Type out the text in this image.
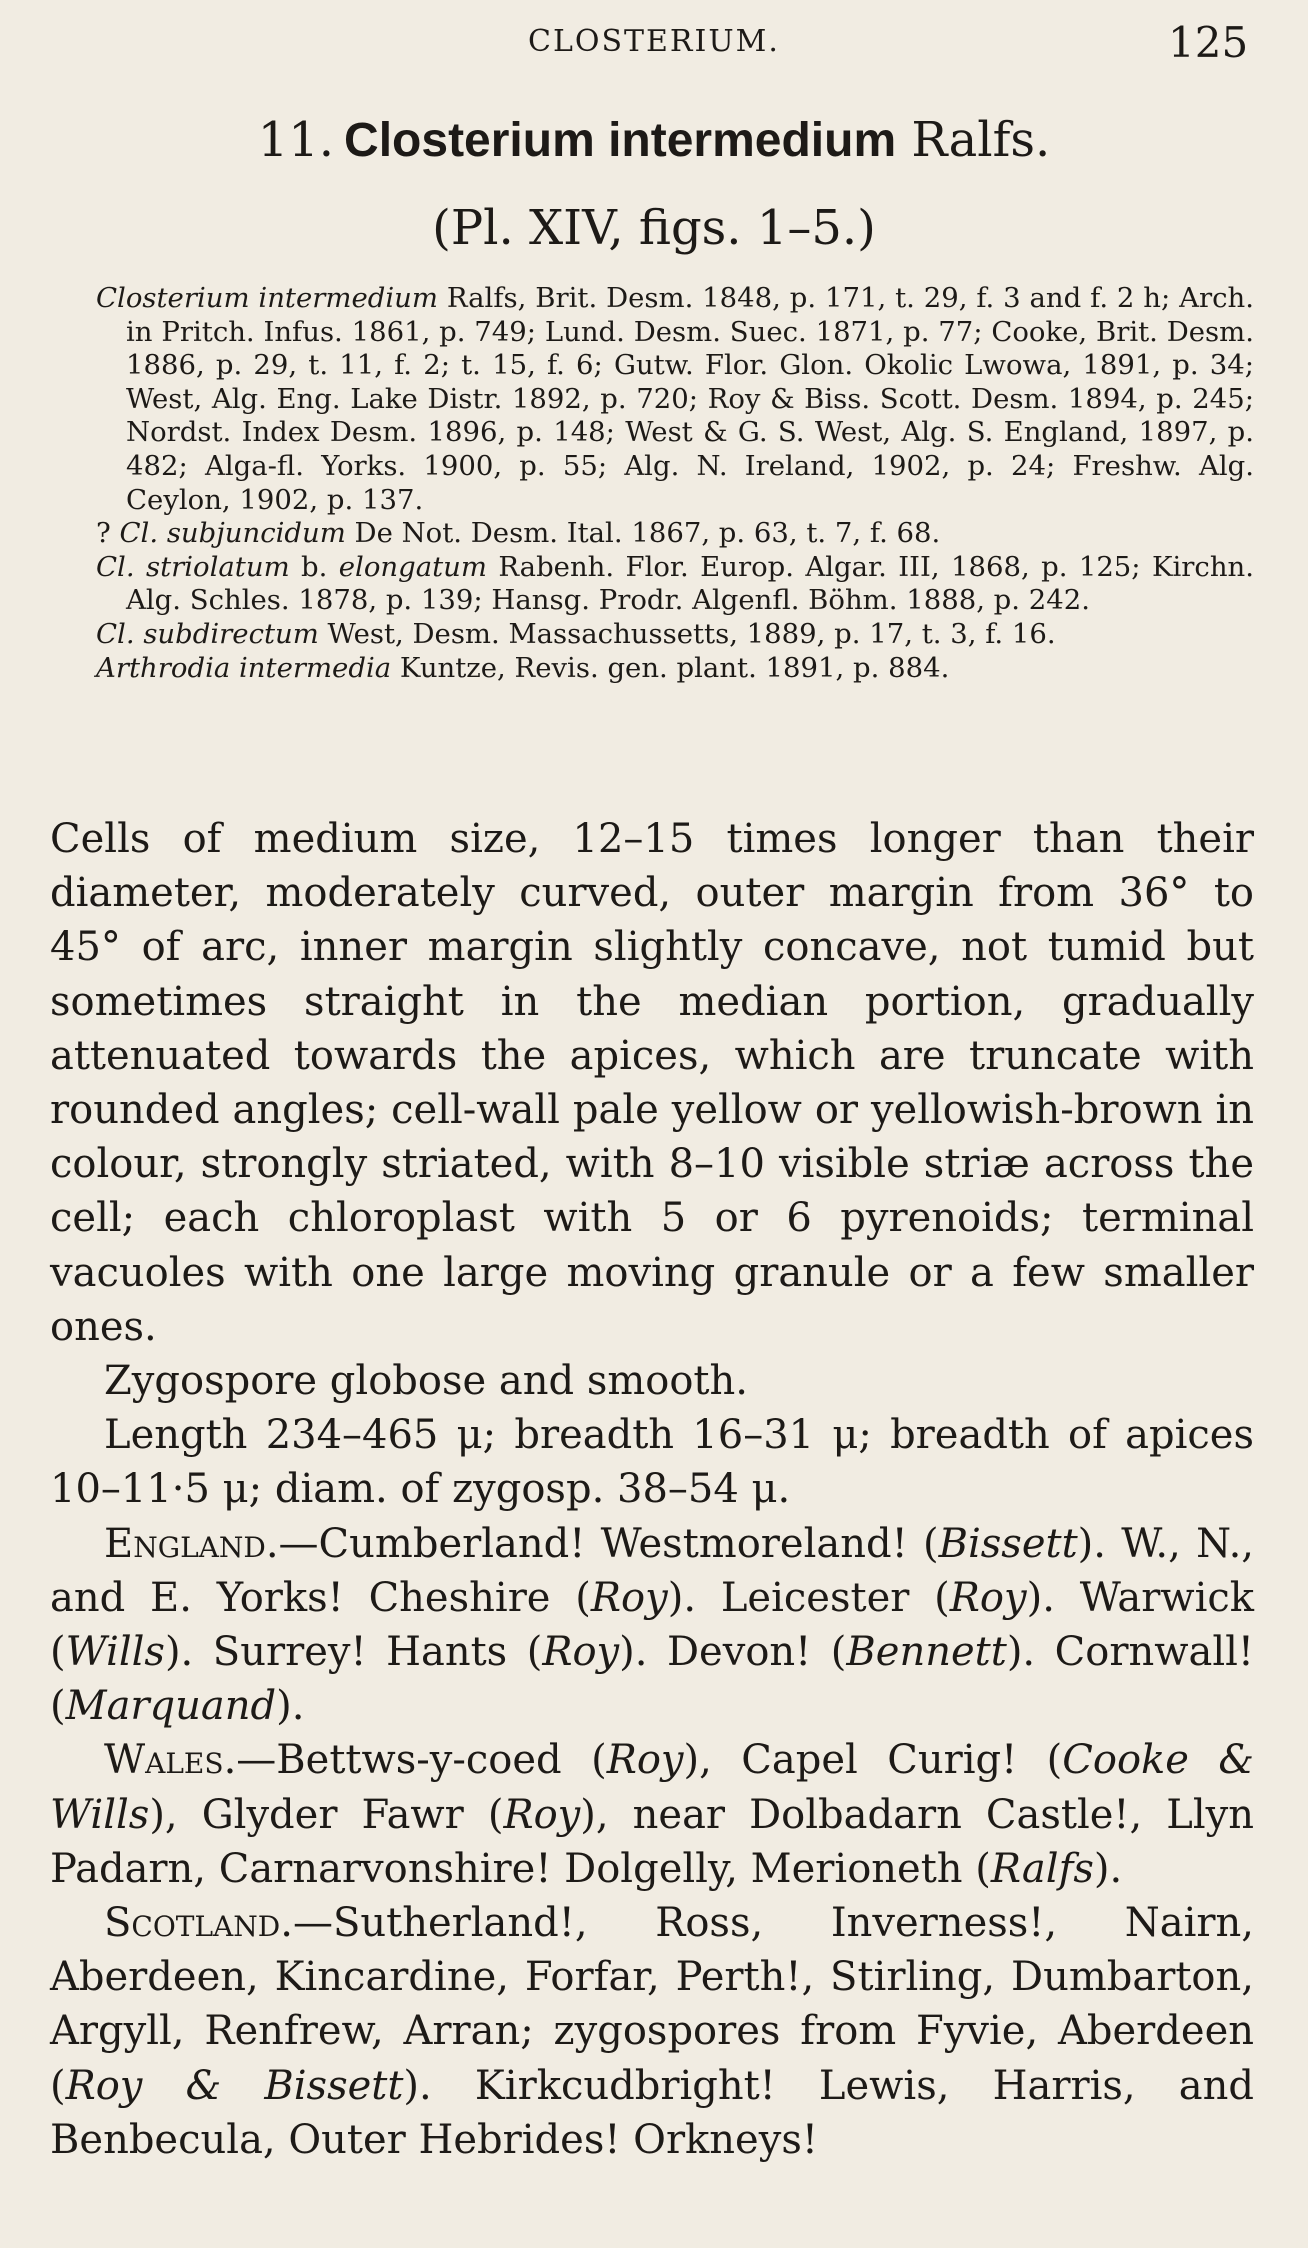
CLOSTERIUM.	125
11. Closterium intermedium Ralfs.
(Pl. XIV, figs. 1–5.)
Closterium intermedium Ralfs, Brit. Desm. 1848, p. 171, t. 29, f. 3 and f. 2 h; Arch. in Pritch. Infus. 1861, p. 749; Lund. Desm. Suec. 1871, p. 77; Cooke, Brit. Desm. 1886, p. 29, t. 11, f. 2; t. 15, f. 6; Gutw. Flor. Glon. Okolic Lwowa, 1891, p. 34; West, Alg. Eng. Lake Distr. 1892, p. 720; Roy & Biss. Scott. Desm. 1894, p. 245; Nordst. Index Desm. 1896, p. 148; West & G. S. West, Alg. S. England, 1897, p. 482; Alga-fl. Yorks. 1900, p. 55; Alg. N. Ireland, 1902, p. 24; Freshw. Alg. Ceylon, 1902, p. 137.
? Cl. subjuncidum De Not. Desm. Ital. 1867, p. 63, t. 7, f. 68.
Cl. striolatum b. elongatum Rabenh. Flor. Europ. Algar. III, 1868, p. 125; Kirchn. Alg. Schles. 1878, p. 139; Hansg. Prodr. Algenfl. Böhm. 1888, p. 242.
Cl. subdirectum West, Desm. Massachussetts, 1889, p. 17, t. 3, f. 16.
Arthrodia intermedia Kuntze, Revis. gen. plant. 1891, p. 884.

Cells of medium size, 12–15 times longer than their diameter, moderately curved, outer margin from 36° to 45° of arc, inner margin slightly concave, not tumid but sometimes straight in the median portion, gradually attenuated towards the apices, which are truncate with rounded angles; cell-wall pale yellow or yellowish-brown in colour, strongly striated, with 8–10 visible striæ across the cell; each chloroplast with 5 or 6 pyrenoids; terminal vacuoles with one large moving granule or a few smaller ones.

Zygospore globose and smooth.

Length 234–465 μ; breadth 16–31 μ; breadth of apices 10–11·5 μ; diam. of zygosp. 38–54 μ.

England.—Cumberland! Westmoreland! (Bissett). W., N., and E. Yorks! Cheshire (Roy). Leicester (Roy). Warwick (Wills). Surrey! Hants (Roy). Devon! (Bennett). Cornwall! (Marquand).

Wales.—Bettws-y-coed (Roy), Capel Curig! (Cooke & Wills), Glyder Fawr (Roy), near Dolbadarn Castle!, Llyn Padarn, Carnarvonshire! Dolgelly, Merioneth (Ralfs).

Scotland.—Sutherland!, Ross, Inverness!, Nairn, Aberdeen, Kincardine, Forfar, Perth!, Stirling, Dumbarton, Argyll, Renfrew, Arran; zygospores from Fyvie, Aberdeen (Roy & Bissett). Kirkcudbright! Lewis, Harris, and Benbecula, Outer Hebrides! Orkneys!
